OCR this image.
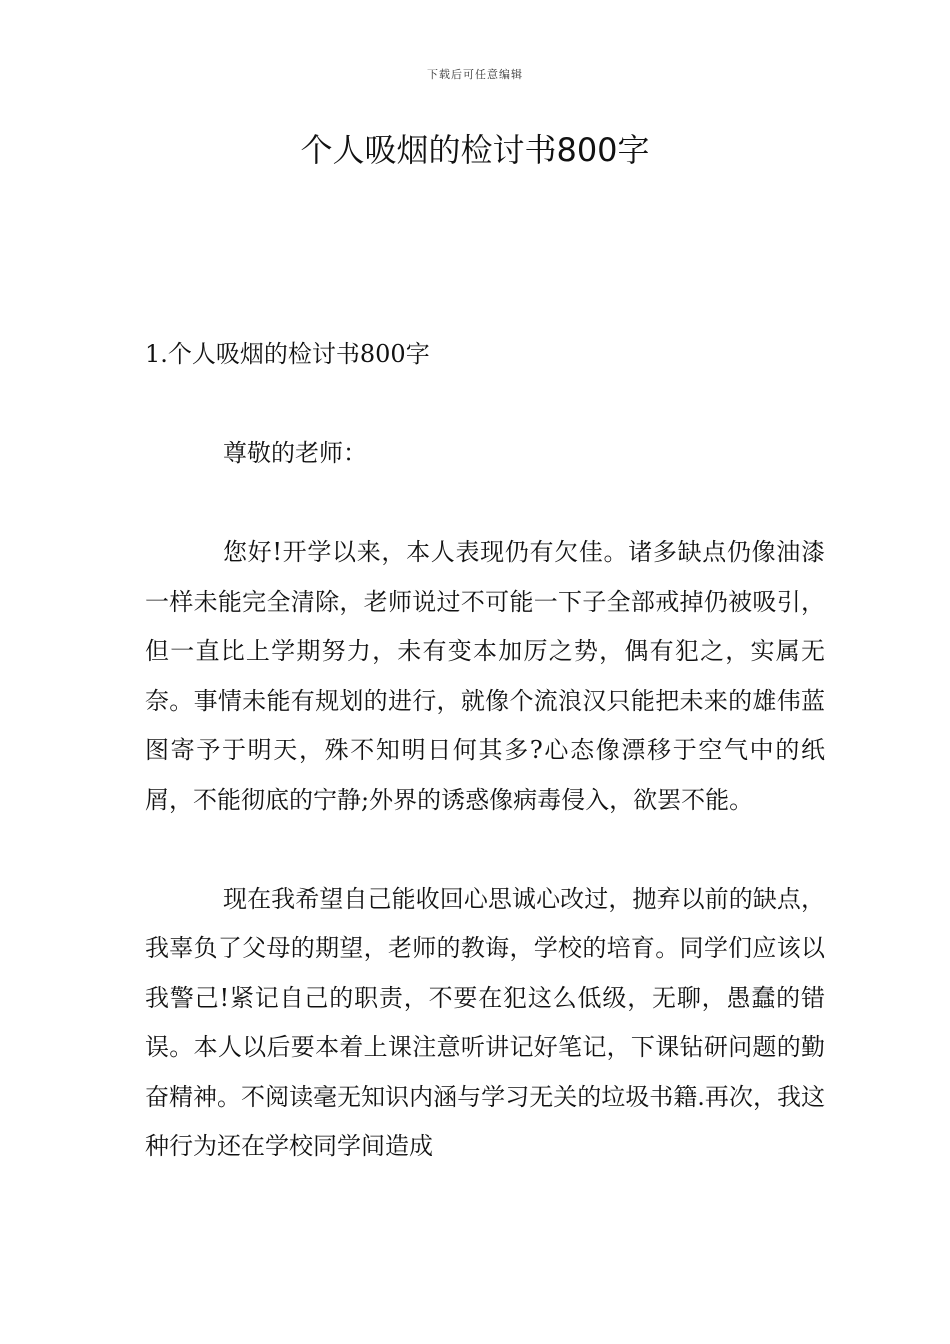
下载后可任意编辑
个人吸烟的检讨书800字

1.个人吸烟的检讨书800字

尊敬的老师：

您好!开学以来，本人表现仍有欠佳。诸多缺点仍像油漆一样未能完全清除，老师说过不可能一下子全部戒掉仍被吸引，但一直比上学期努力，未有变本加厉之势，偶有犯之，实属无奈。事情未能有规划的进行，就像个流浪汉只能把未来的雄伟蓝图寄予于明天，殊不知明日何其多?心态像漂移于空气中的纸屑，不能彻底的宁静;外界的诱惑像病毒侵入，欲罢不能。

现在我希望自己能收回心思诚心改过，抛弃以前的缺点，我辜负了父母的期望，老师的教诲，学校的培育。同学们应该以我警己!紧记自己的职责，不要在犯这么低级，无聊，愚蠢的错误。本人以后要本着上课注意听讲记好笔记，下课钻研问题的勤奋精神。不阅读毫无知识内涵与学习无关的垃圾书籍.再次，我这种行为还在学校同学间造成
